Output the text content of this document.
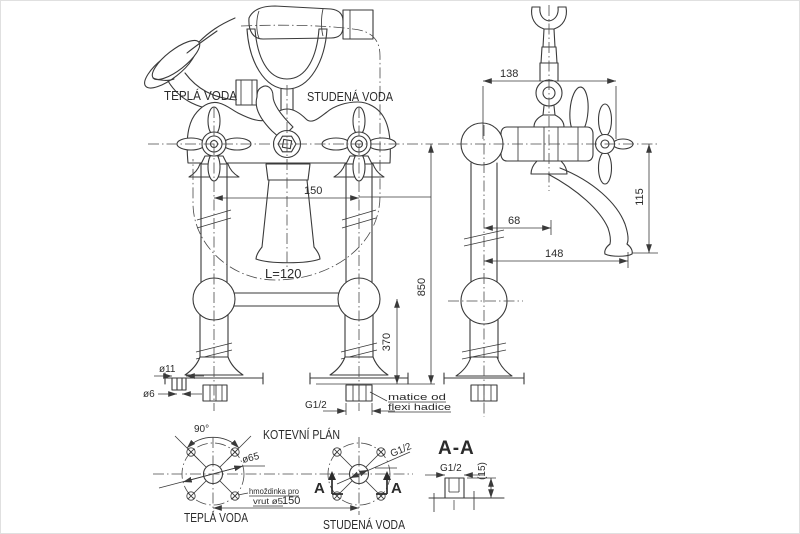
TEPLÁ VODA	STUDENÁ VODA
150
L=120
850
370
ø11
ø6
G1/2
matice od
flexi hadice
138
115
68
148
KOTEVNÍ PLÁN
90°
ø65
hmoždinka pro
vrut ø5
150
TEPLÁ VODA	STUDENÁ VODA
G1/2
A	A
A-A
G1/2 (15)
